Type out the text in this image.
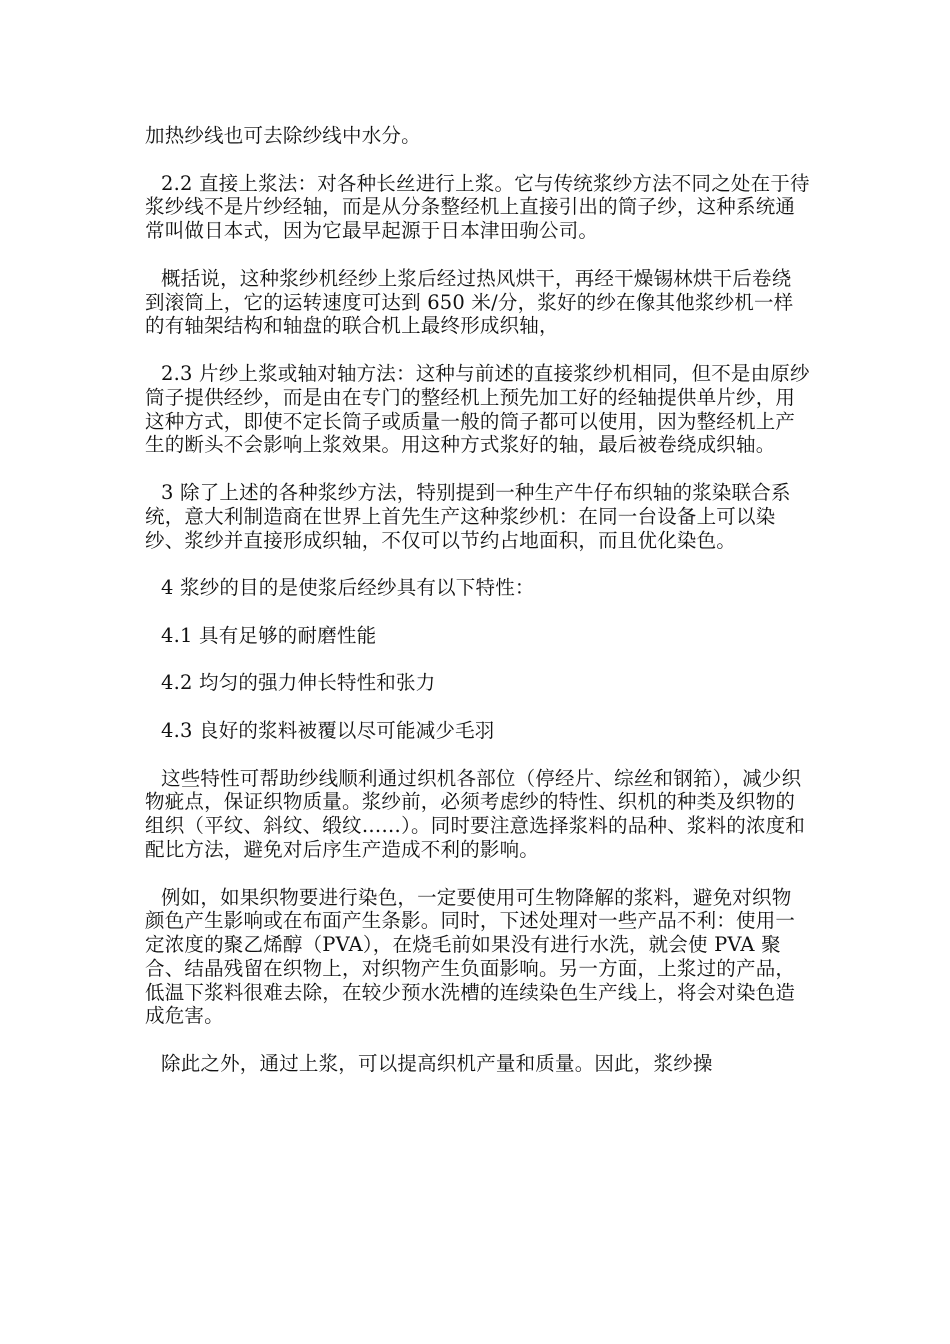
加热纱线也可去除纱线中水分。

2.2 直接上浆法：对各种长丝进行上浆。它与传统浆纱方法不同之处在于待浆纱线不是片纱经轴，而是从分条整经机上直接引出的筒子纱，这种系统通常叫做日本式，因为它最早起源于日本津田驹公司。

概括说，这种浆纱机经纱上浆后经过热风烘干，再经干燥锡林烘干后卷绕到滚筒上，它的运转速度可达到 650 米/分，浆好的纱在像其他浆纱机一样的有轴架结构和轴盘的联合机上最终形成织轴，

2.3 片纱上浆或轴对轴方法：这种与前述的直接浆纱机相同，但不是由原纱筒子提供经纱，而是由在专门的整经机上预先加工好的经轴提供单片纱，用这种方式，即使不定长筒子或质量一般的筒子都可以使用，因为整经机上产生的断头不会影响上浆效果。用这种方式浆好的轴，最后被卷绕成织轴。

3 除了上述的各种浆纱方法，特别提到一种生产牛仔布织轴的浆染联合系统，意大利制造商在世界上首先生产这种浆纱机：在同一台设备上可以染纱、浆纱并直接形成织轴，不仅可以节约占地面积，而且优化染色。

4 浆纱的目的是使浆后经纱具有以下特性：

4.1 具有足够的耐磨性能

4.2 均匀的强力伸长特性和张力

4.3 良好的浆料被覆以尽可能减少毛羽

这些特性可帮助纱线顺利通过织机各部位（停经片、综丝和钢筘），减少织物疵点，保证织物质量。浆纱前，必须考虑纱的特性、织机的种类及织物的组织（平纹、斜纹、缎纹……）。同时要注意选择浆料的品种、浆料的浓度和配比方法，避免对后序生产造成不利的影响。

例如，如果织物要进行染色，一定要使用可生物降解的浆料，避免对织物颜色产生影响或在布面产生条影。同时，下述处理对一些产品不利：使用一定浓度的聚乙烯醇（PVA），在烧毛前如果没有进行水洗，就会使 PVA 聚合、结晶残留在织物上，对织物产生负面影响。另一方面，上浆过的产品，低温下浆料很难去除，在较少预水洗槽的连续染色生产线上，将会对染色造成危害。

除此之外，通过上浆，可以提高织机产量和质量。因此，浆纱操
